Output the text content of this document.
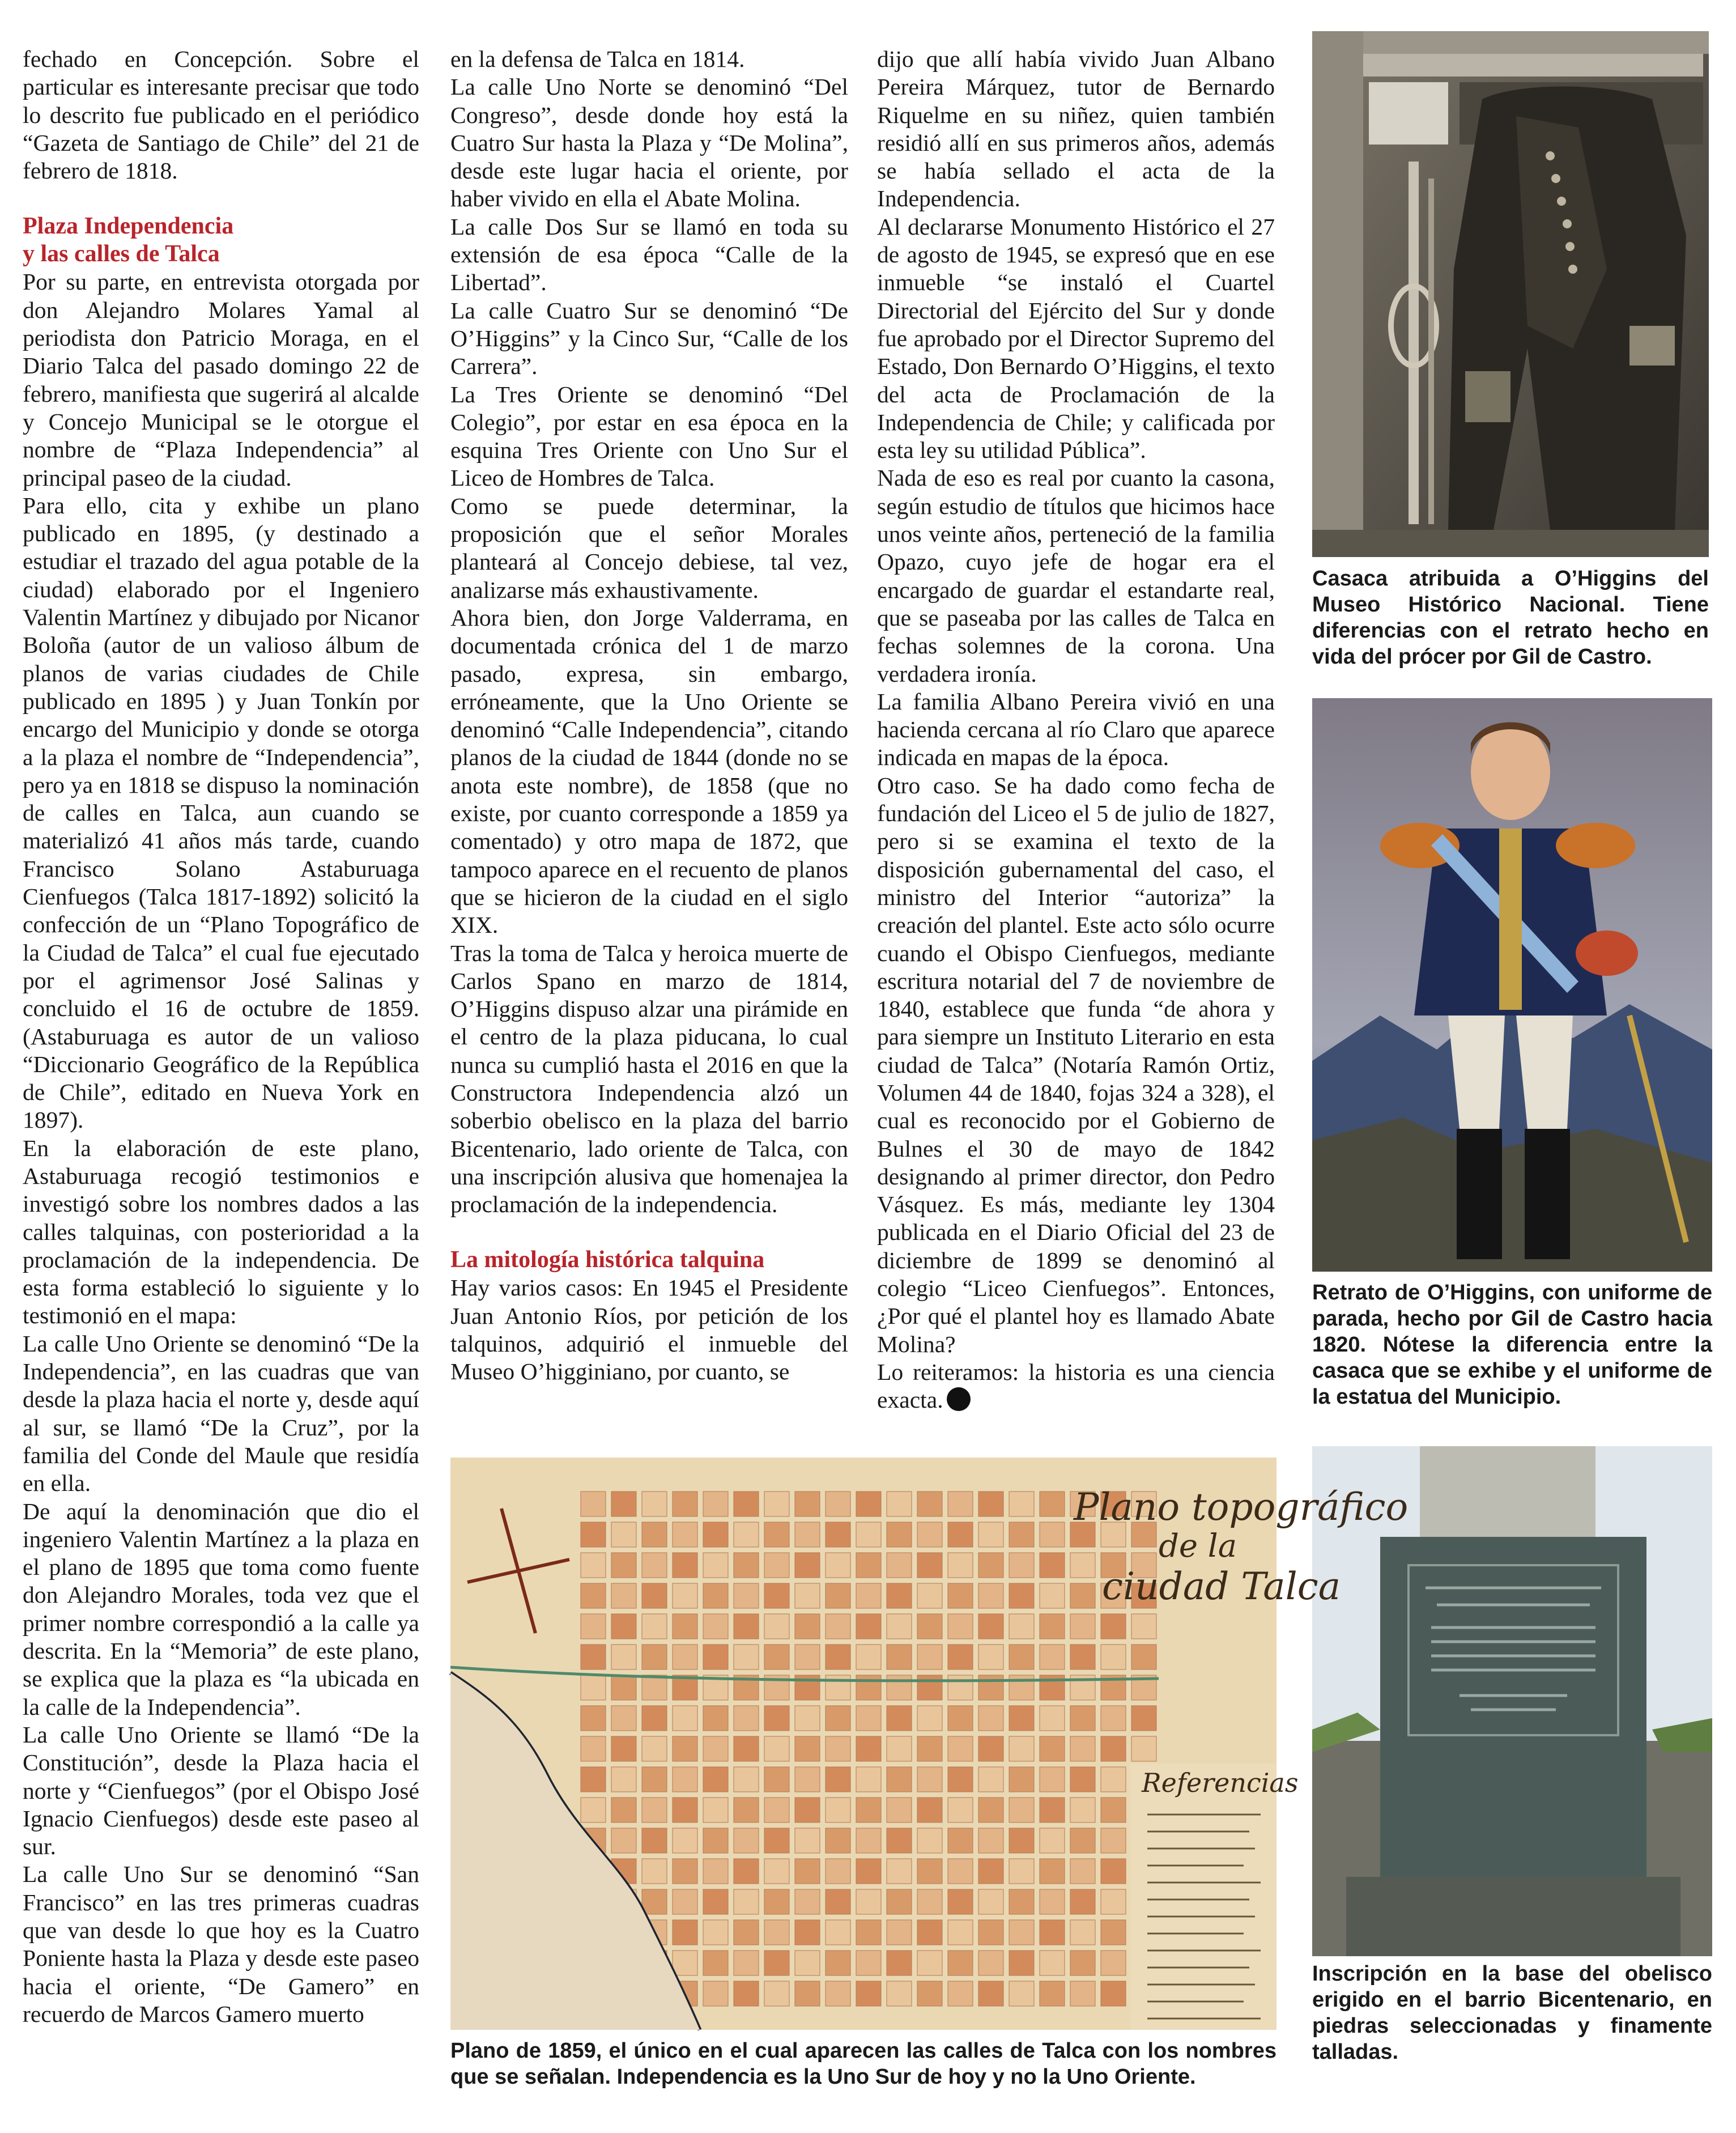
fechado en Concepción. Sobre el particular es interesante precisar que todo lo descrito fue publicado en el periódico “Gazeta de Santiago de Chile” del 21 de febrero de 1818.

Plaza Independencia
y las calles de Talca

Por su parte, en entrevista otorgada por don Alejandro Molares Yamal al periodista don Patricio Moraga, en el Diario Talca del pasado domingo 22 de febrero, manifiesta que sugerirá al alcalde y Concejo Municipal se le otorgue el nombre de “Plaza Independencia” al principal paseo de la ciudad.

Para ello, cita y exhibe un plano publicado en 1895, (y destinado a estudiar el trazado del agua potable de la ciudad) elaborado por el Ingeniero Valentin Martínez y dibujado por Nicanor Boloña (autor de un valioso álbum de planos de varias ciudades de Chile publicado en 1895 ) y Juan Tonkín por encargo del Municipio y donde se otorga a la plaza el nombre de “Independencia”, pero ya en 1818 se dispuso la nominación de calles en Talca, aun cuando se materializó 41 años más tarde, cuando Francisco Solano Astaburuaga Cienfuegos (Talca 1817-1892) solicitó la confección de un “Plano Topográfico de la Ciudad de Talca” el cual fue ejecutado por el agrimensor José Salinas y concluido el 16 de octubre de 1859. (Astaburuaga es autor de un valioso “Diccionario Geográfico de la República de Chile”, editado en Nueva York en 1897).

En la elaboración de este plano, Astaburuaga recogió testimonios e investigó sobre los nombres dados a las calles talquinas, con posterioridad a la proclamación de la independencia. De esta forma estableció lo siguiente y lo testimonió en el mapa:

La calle Uno Oriente se denominó “De la Independencia”, en las cuadras que van desde la plaza hacia el norte y, desde aquí al sur, se llamó “De la Cruz”, por la familia del Conde del Maule que residía en ella.

De aquí la denominación que dio el ingeniero Valentin Martínez a la plaza en el plano de 1895 que toma como fuente don Alejandro Morales, toda vez que el primer nombre correspondió a la calle ya descrita. En la “Memoria” de este plano, se explica que la plaza es “la ubicada en la calle de la Independencia”.

La calle Uno Oriente se llamó “De la Constitución”, desde la Plaza hacia el norte y “Cienfuegos” (por el Obispo José Ignacio Cienfuegos) desde este paseo al sur.

La calle Uno Sur se denominó “San Francisco” en las tres primeras cuadras que van desde lo que hoy es la Cuatro Poniente hasta la Plaza y desde este paseo hacia el oriente, “De Gamero” en recuerdo de Marcos Gamero muerto

en la defensa de Talca en 1814.

La calle Uno Norte se denominó “Del Congreso”, desde donde hoy está la Cuatro Sur hasta la Plaza y “De Molina”, desde este lugar hacia el oriente, por haber vivido en ella el Abate Molina.

La calle Dos Sur se llamó en toda su extensión de esa época “Calle de la Libertad”.

La calle Cuatro Sur se denominó “De O’Higgins” y la Cinco Sur, “Calle de los Carrera”.

La Tres Oriente se denominó “Del Colegio”, por estar en esa época en la esquina Tres Oriente con Uno Sur el Liceo de Hombres de Talca.

Como se puede determinar, la proposición que el señor Morales planteará al Concejo debiese, tal vez, analizarse más exhaustivamente.

Ahora bien, don Jorge Valderrama, en documentada crónica del 1 de marzo pasado, expresa, sin embargo, erróneamente, que la Uno Oriente se denominó “Calle Independencia”, citando planos de la ciudad de 1844 (donde no se anota este nombre), de 1858 (que no existe, por cuanto corresponde a 1859 ya comentado) y otro mapa de 1872, que tampoco aparece en el recuento de planos que se hicieron de la ciudad en el siglo XIX.

Tras la toma de Talca y heroica muerte de Carlos Spano en marzo de 1814, O’Higgins dispuso alzar una pirámide en el centro de la plaza piducana, lo cual nunca su cumplió hasta el 2016 en que la Constructora Independencia alzó un soberbio obelisco en la plaza del barrio Bicentenario, lado oriente de Talca, con una inscripción alusiva que homenajea la proclamación de la independencia.

La mitología histórica talquina

Hay varios casos: En 1945 el Presidente Juan Antonio Ríos, por petición de los talquinos, adquirió el inmueble del Museo O’higginiano, por cuanto, se

dijo que allí había vivido Juan Albano Pereira Márquez, tutor de Bernardo Riquelme en su niñez, quien también residió allí en sus primeros años, además se había sellado el acta de la Independencia.

Al declararse Monumento Histórico el 27 de agosto de 1945, se expresó que en ese inmueble “se instaló el Cuartel Directorial del Ejército del Sur y donde fue aprobado por el Director Supremo del Estado, Don Bernardo O’Higgins, el texto del acta de Proclamación de la Independencia de Chile; y calificada por esta ley su utilidad Pública”.

Nada de eso es real por cuanto la casona, según estudio de títulos que hicimos hace unos veinte años, perteneció de la familia Opazo, cuyo jefe de hogar era el encargado de guardar el estandarte real, que se paseaba por las calles de Talca en fechas solemnes de la corona. Una verdadera ironía.

La familia Albano Pereira vivió en una hacienda cercana al río Claro que aparece indicada en mapas de la época.

Otro caso. Se ha dado como fecha de fundación del Liceo el 5 de julio de 1827, pero si se examina el texto de la disposición gubernamental del caso, el ministro del Interior “autoriza” la creación del plantel. Este acto sólo ocurre cuando el Obispo Cienfuegos, mediante escritura notarial del 7 de noviembre de 1840, establece que funda “de ahora y para siempre un Instituto Literario en esta ciudad de Talca” (Notaría Ramón Ortiz, Volumen 44 de 1840, fojas 324 a 328), el cual es reconocido por el Gobierno de Bulnes el 30 de mayo de 1842 designando al primer director, don Pedro Vásquez. Es más, mediante ley 1304 publicada en el Diario Oficial del 23 de diciembre de 1899 se denominó al colegio “Liceo Cienfuegos”. Entonces, ¿Por qué el plantel hoy es llamado Abate Molina?

Lo reiteramos: la historia es una ciencia exacta.

Casaca atribuida a O’Higgins del Museo Histórico Nacional. Tiene diferencias con el retrato hecho en vida del prócer por Gil de Castro.
Retrato de O’Higgins, con uniforme de parada, hecho por Gil de Castro hacia 1820. Nótese la diferencia entre la casaca que se exhibe y el uniforme de la estatua del Municipio.
Inscripción en la base del obelisco erigido en el barrio Bicentenario, en piedras seleccionadas y finamente talladas.
Plano topográfico
de la
ciudad Talca
Referencias
Plano de 1859, el único en el cual aparecen las calles de Talca con los nombres que se señalan. Independencia es la Uno Sur de hoy y no la Uno Oriente.
